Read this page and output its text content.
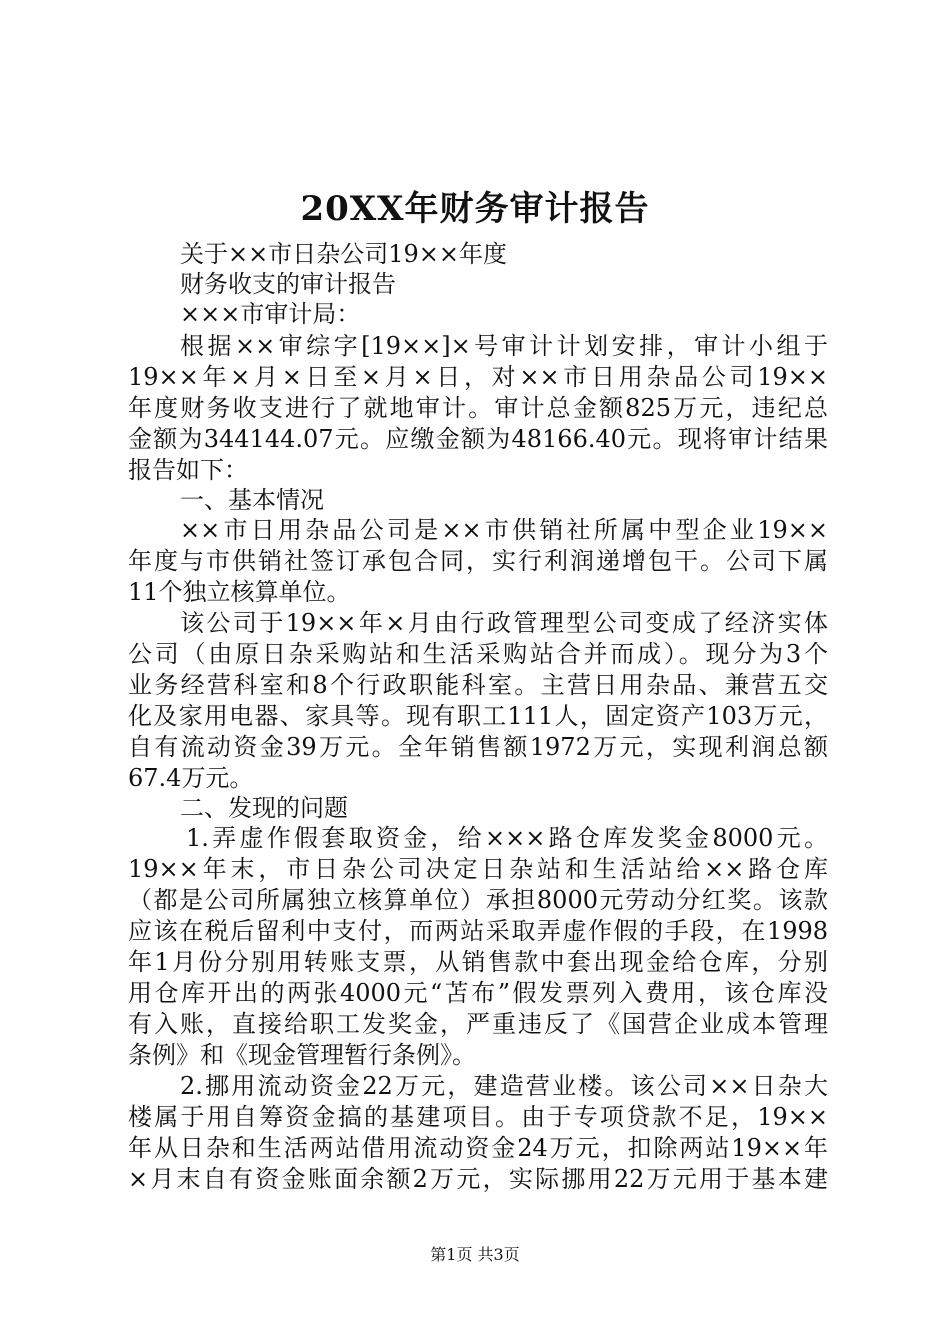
20XX年财务审计报告
关于××市日杂公司19××年度
财务收支的审计报告
×××市审计局：
根据××审综字[19××]×号审计计划安排，审计小组于
19××年×月×日至×月×日，对××市日用杂品公司19××
年度财务收支进行了就地审计。审计总金额825万元，违纪总
金额为344144.07元。应缴金额为48166.40元。现将审计结果
报告如下：
一、基本情况
××市日用杂品公司是××市供销社所属中型企业19××
年度与市供销社签订承包合同，实行利润递增包干。公司下属
11个独立核算单位。
该公司于19××年×月由行政管理型公司变成了经济实体
公司（由原日杂采购站和生活采购站合并而成）。现分为3个
业务经营科室和8个行政职能科室。主营日用杂品、兼营五交
化及家用电器、家具等。现有职工111人，固定资产103万元，
自有流动资金39万元。全年销售额1972万元，实现利润总额
67.4万元。
二、发现的问题
1.弄虚作假套取资金，给×××路仓库发奖金8000元。
19××年末，市日杂公司决定日杂站和生活站给××路仓库
（都是公司所属独立核算单位）承担8000元劳动分红奖。该款
应该在税后留利中支付，而两站采取弄虚作假的手段，在1998
年1月份分别用转账支票，从销售款中套出现金给仓库，分别
用仓库开出的两张4000元“苫布”假发票列入费用，该仓库没
有入账，直接给职工发奖金，严重违反了《国营企业成本管理
条例》和《现金管理暂行条例》。
2.挪用流动资金22万元，建造营业楼。该公司××日杂大
楼属于用自筹资金搞的基建项目。由于专项贷款不足，19××
年从日杂和生活两站借用流动资金24万元，扣除两站19××年
×月末自有资金账面余额2万元，实际挪用22万元用于基本建
第1页 共3页
